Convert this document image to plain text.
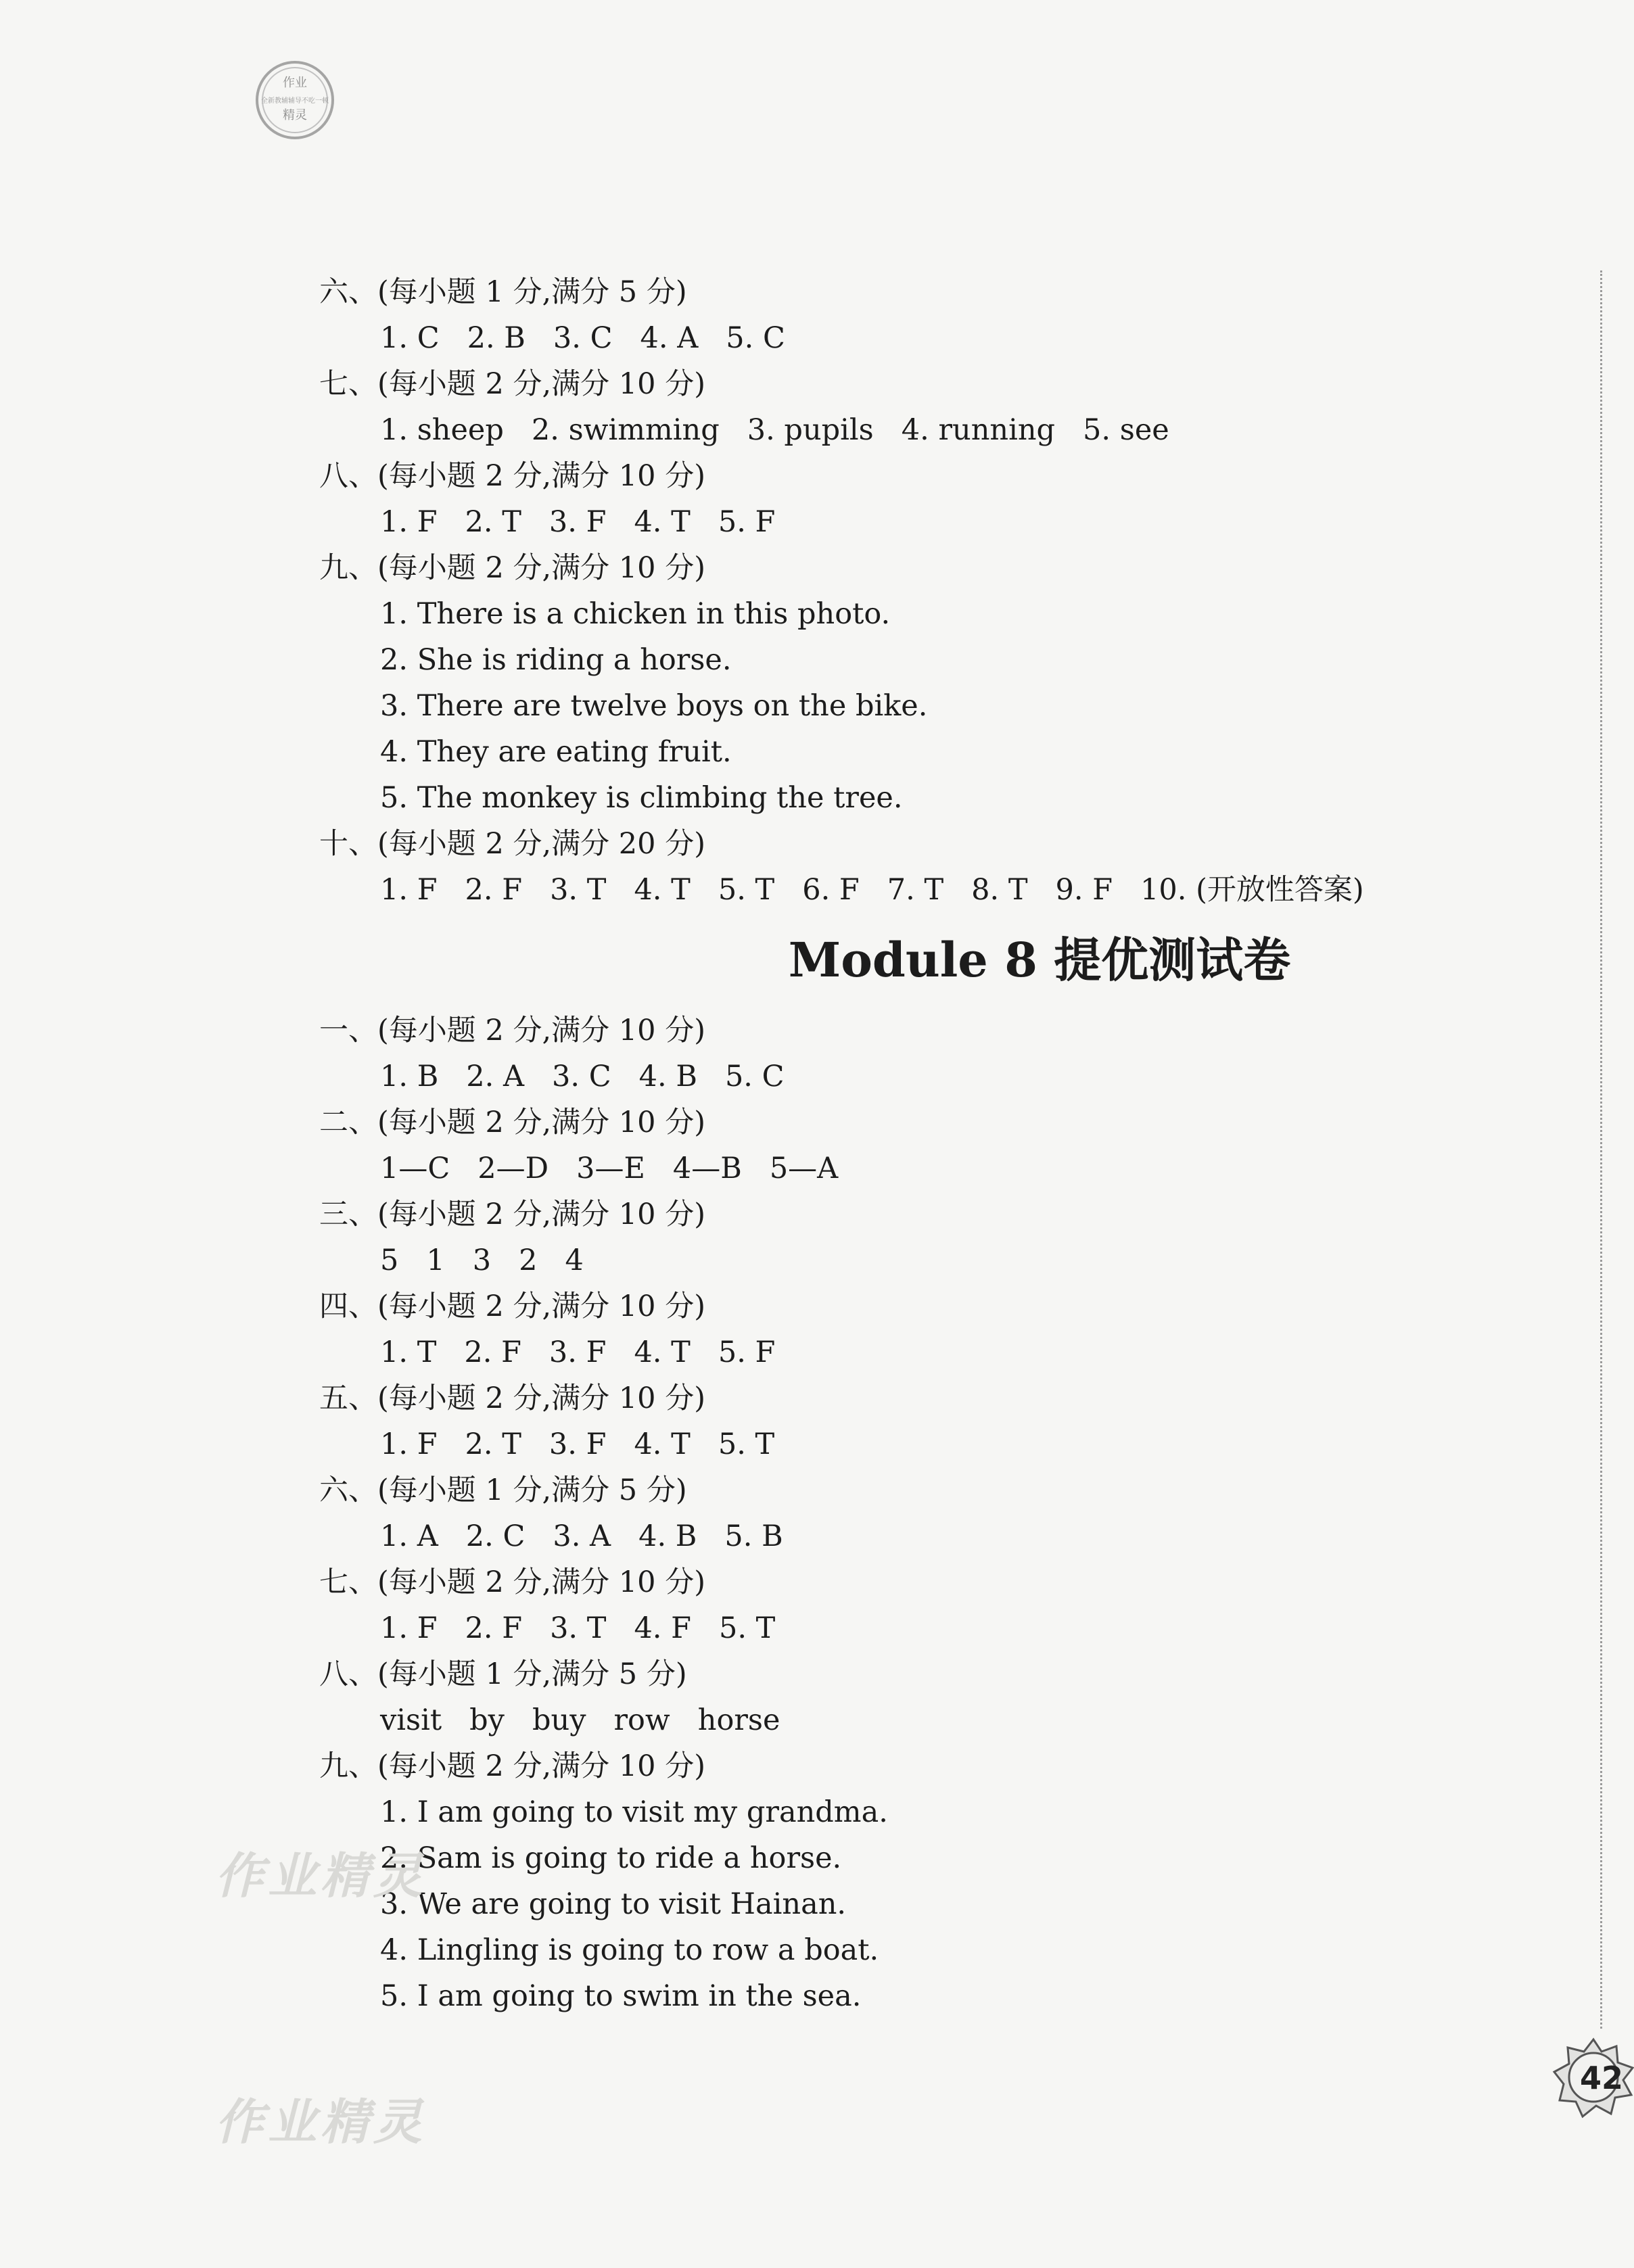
作业
全新教辅辅导不吃一顿
精灵
六、(每小题 1 分,满分 5 分)
1. C   2. B   3. C   4. A   5. C
七、(每小题 2 分,满分 10 分)
1. sheep   2. swimming   3. pupils   4. running   5. see
八、(每小题 2 分,满分 10 分)
1. F   2. T   3. F   4. T   5. F
九、(每小题 2 分,满分 10 分)
1. There is a chicken in this photo.
2. She is riding a horse.
3. There are twelve boys on the bike.
4. They are eating fruit.
5. The monkey is climbing the tree.
十、(每小题 2 分,满分 20 分)
1. F   2. F   3. T   4. T   5. T   6. F   7. T   8. T   9. F   10. (开放性答案)
Module 8 提优测试卷
一、(每小题 2 分,满分 10 分)
1. B   2. A   3. C   4. B   5. C
二、(每小题 2 分,满分 10 分)
1—C   2—D   3—E   4—B   5—A
三、(每小题 2 分,满分 10 分)
5   1   3   2   4
四、(每小题 2 分,满分 10 分)
1. T   2. F   3. F   4. T   5. F
五、(每小题 2 分,满分 10 分)
1. F   2. T   3. F   4. T   5. T
六、(每小题 1 分,满分 5 分)
1. A   2. C   3. A   4. B   5. B
七、(每小题 2 分,满分 10 分)
1. F   2. F   3. T   4. F   5. T
八、(每小题 1 分,满分 5 分)
visit   by   buy   row   horse
九、(每小题 2 分,满分 10 分)
1. I am going to visit my grandma.
2. Sam is going to ride a horse.
3. We are going to visit Hainan.
4. Lingling is going to row a boat.
5. I am going to swim in the sea.
作业精灵
作业精灵
42
